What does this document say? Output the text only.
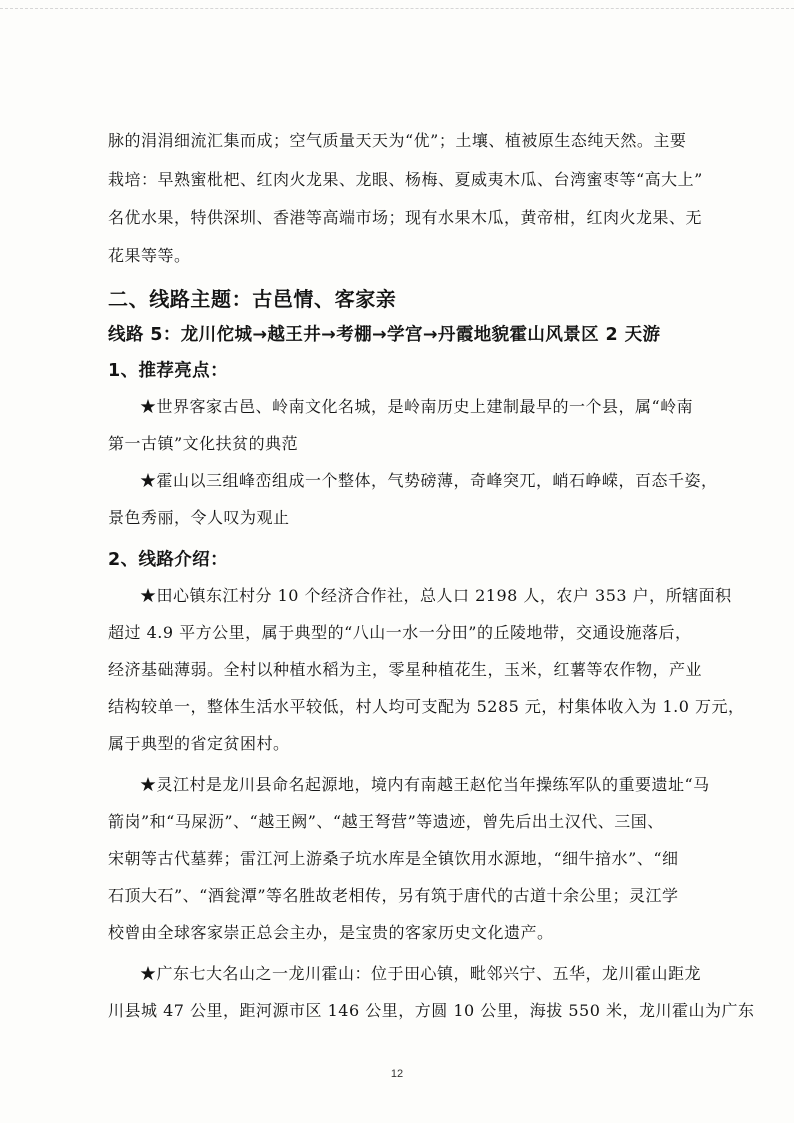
脉的涓涓细流汇集而成；空气质量天天为“优”；土壤、植被原生态纯天然。主要
栽培：早熟蜜枇杷、红肉火龙果、龙眼、杨梅、夏威夷木瓜、台湾蜜枣等“高大上”
名优水果，特供深圳、香港等高端市场；现有水果木瓜，黄帝柑，红肉火龙果、无
花果等等。
二、线路主题：古邑情、客家亲
线路 5：龙川佗城→越王井→考棚→学宫→丹霞地貌霍山风景区 2 天游
1、推荐亮点：
★世界客家古邑、岭南文化名城，是岭南历史上建制最早的一个县，属“岭南
第一古镇”文化扶贫的典范
★霍山以三组峰峦组成一个整体，气势磅薄，奇峰突兀，峭石峥嵘，百态千姿，
景色秀丽，令人叹为观止
2、线路介绍：
★田心镇东江村分 10 个经济合作社，总人口 2198 人，农户 353 户，所辖面积
超过 4.9 平方公里，属于典型的“八山一水一分田”的丘陵地带，交通设施落后，
经济基础薄弱。全村以种植水稻为主，零星种植花生，玉米，红薯等农作物，产业
结构较单一，整体生活水平较低，村人均可支配为 5285 元，村集体收入为 1.0 万元，
属于典型的省定贫困村。
★灵江村是龙川县命名起源地，境内有南越王赵佗当年操练军队的重要遗址“马
箭岗”和“马屎沥”、“越王阙”、“越王弩营”等遗迹，曾先后出土汉代、三国、
宋朝等古代墓葬；雷江河上游桑子坑水库是全镇饮用水源地，“细牛揞水”、“细
石顶大石”、“酒瓮潭”等名胜故老相传，另有筑于唐代的古道十余公里；灵江学
校曾由全球客家崇正总会主办，是宝贵的客家历史文化遗产。
★广东七大名山之一龙川霍山：位于田心镇，毗邻兴宁、五华，龙川霍山距龙
川县城 47 公里，距河源市区 146 公里，方圆 10 公里，海拔 550 米，龙川霍山为广东
12
